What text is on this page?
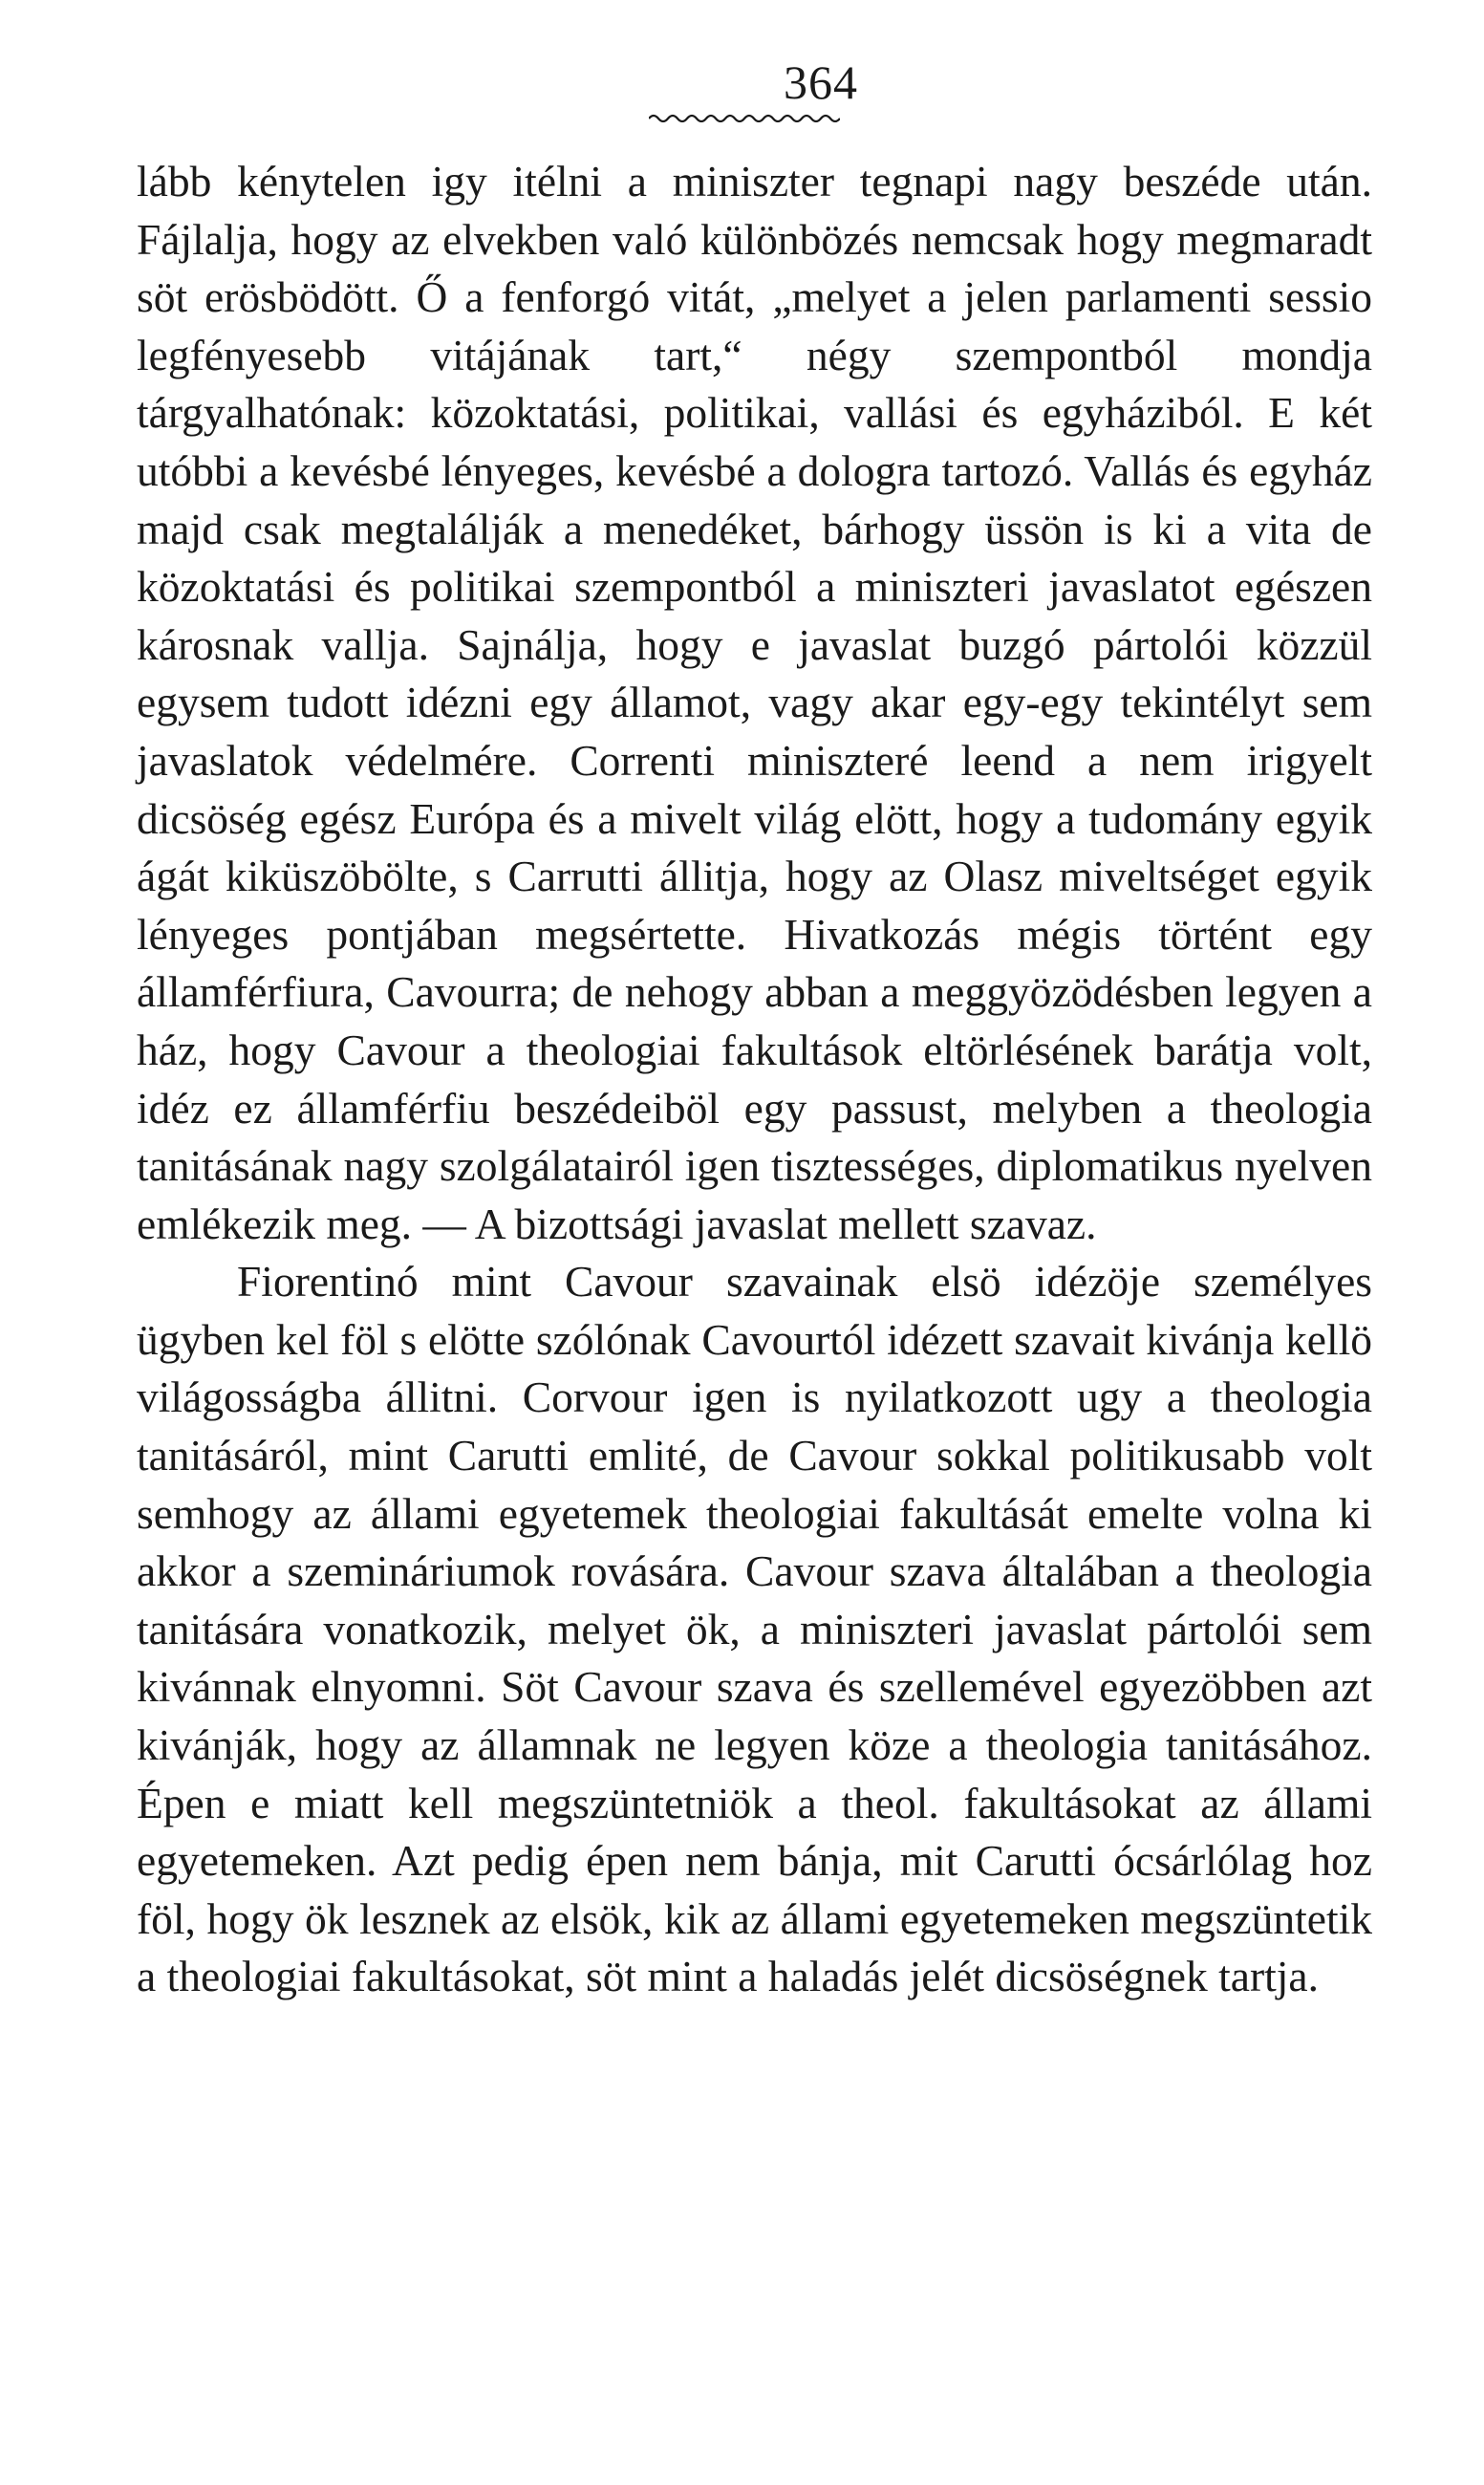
364

lább kénytelen igy itélni a miniszter tegnapi nagy beszéde után. Fájlalja, hogy az elvekben való különbözés nemcsak hogy megmaradt söt erösbödött. Ő a fenforgó vitát, „melyet a jelen parlamenti sessio legfényesebb vitájának tart,“ négy szempontból mondja tárgyalhatónak: közoktatási, politikai, vallási és egyháziból. E két utóbbi a kevésbé lényeges, kevésbé a dologra tartozó. Vallás és egyház majd csak megtalálják a menedéket, bárhogy üssön is ki a vita de közoktatási és politikai szempontból a miniszteri javaslatot egészen károsnak vallja. Sajnálja, hogy e javaslat buzgó pártolói közzül egysem tudott idézni egy államot, vagy akar egy-egy tekintélyt sem javaslatok védelmére. Correnti miniszteré leend a nem irigyelt dicsöség egész Európa és a mivelt világ elött, hogy a tudomány egyik ágát kiküszöbölte, s Carrutti állitja, hogy az Olasz miveltséget egyik lényeges pontjában megsértette. Hivatkozás mégis történt egy államférfiura, Cavourra; de nehogy abban a meggyözödésben legyen a ház, hogy Cavour a theologiai fakultások eltörlésének barátja volt, idéz ez államférfiu beszédeiböl egy passust, melyben a theologia tanitásának nagy szolgálatairól igen tisztességes, diplomatikus nyelven emlékezik meg. — A bizottsági javaslat mellett szavaz.

Fiorentinó mint Cavour szavainak elsö idézöje személyes ügyben kel föl s elötte szólónak Cavourtól idézett szavait kivánja kellö világosságba állitni. Corvour igen is nyilatkozott ugy a theologia tanitásáról, mint Carutti emlité, de Cavour sokkal politikusabb volt semhogy az állami egyetemek theologiai fakultását emelte volna ki akkor a szemináriumok rovására. Cavour szava általában a theologia tanitására vonatkozik, melyet ök, a miniszteri javaslat pártolói sem kivánnak elnyomni. Söt Cavour szava és szellemével egyezöbben azt kivánják, hogy az államnak ne legyen köze a theologia tanitásához. Épen e miatt kell megszüntetniök a theol. fakultásokat az állami egyetemeken. Azt pedig épen nem bánja, mit Carutti ócsárlólag hoz föl, hogy ök lesznek az elsök, kik az állami egyetemeken megszüntetik a theologiai fakultásokat, söt mint a haladás jelét dicsöségnek tartja.
